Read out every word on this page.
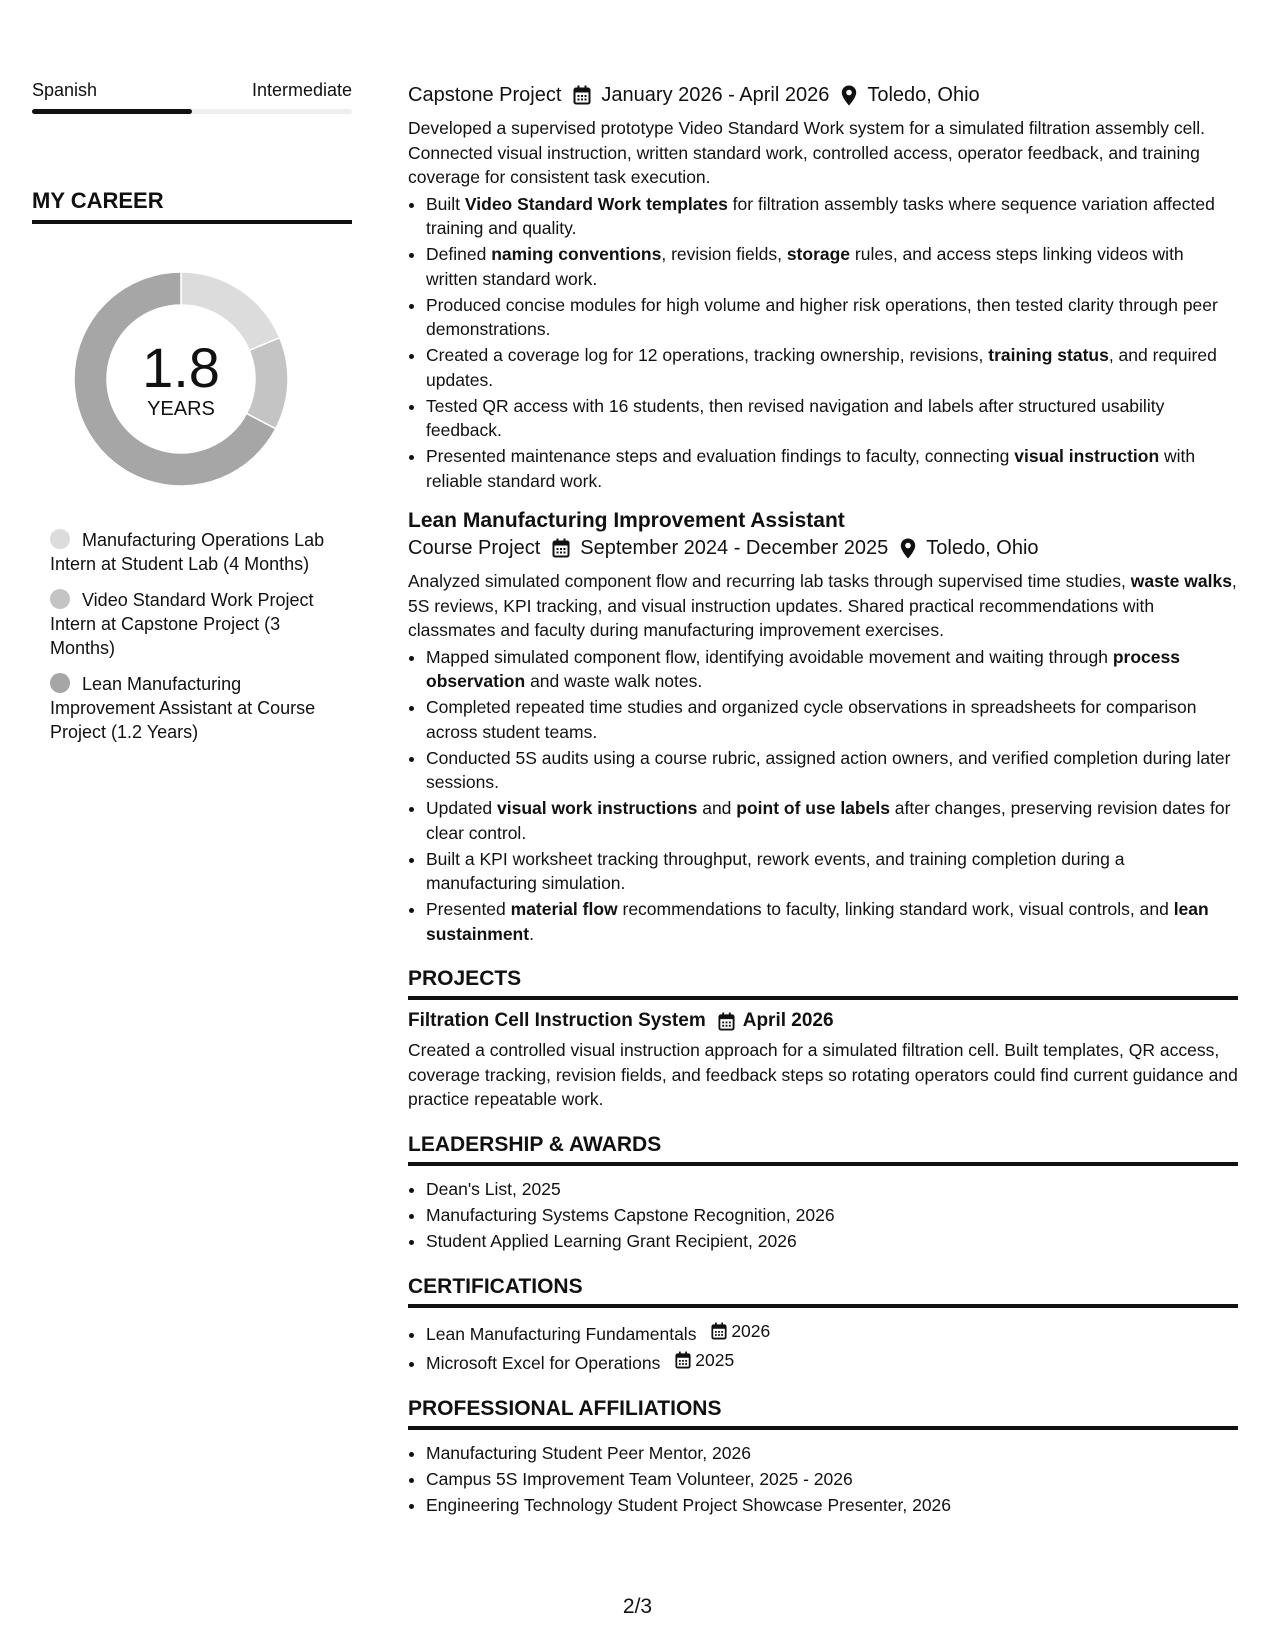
Spanish	Intermediate
MY CAREER
1.8
YEARS
Manufacturing Operations Lab Intern at Student Lab (4 Months)
Video Standard Work Project Intern at Capstone Project (3 Months)
Lean Manufacturing Improvement Assistant at Course Project (1.2 Years)
Capstone Project January 2026 - April 2026 Toledo, Ohio
Developed a supervised prototype Video Standard Work system for a simulated filtration assembly cell. Connected visual instruction, written standard work, controlled access, operator feedback, and training coverage for consistent task execution.
• Built Video Standard Work templates for filtration assembly tasks where sequence variation affected training and quality.
• Defined naming conventions, revision fields, storage rules, and access steps linking videos with written standard work.
• Produced concise modules for high volume and higher risk operations, then tested clarity through peer demonstrations.
• Created a coverage log for 12 operations, tracking ownership, revisions, training status, and required updates.
• Tested QR access with 16 students, then revised navigation and labels after structured usability feedback.
• Presented maintenance steps and evaluation findings to faculty, connecting visual instruction with reliable standard work.
Lean Manufacturing Improvement Assistant
Course Project September 2024 - December 2025 Toledo, Ohio
Analyzed simulated component flow and recurring lab tasks through supervised time studies, waste walks, 5S reviews, KPI tracking, and visual instruction updates. Shared practical recommendations with classmates and faculty during manufacturing improvement exercises.
• Mapped simulated component flow, identifying avoidable movement and waiting through process observation and waste walk notes.
• Completed repeated time studies and organized cycle observations in spreadsheets for comparison across student teams.
• Conducted 5S audits using a course rubric, assigned action owners, and verified completion during later sessions.
• Updated visual work instructions and point of use labels after changes, preserving revision dates for clear control.
• Built a KPI worksheet tracking throughput, rework events, and training completion during a manufacturing simulation.
• Presented material flow recommendations to faculty, linking standard work, visual controls, and lean sustainment.
PROJECTS
Filtration Cell Instruction System April 2026
Created a controlled visual instruction approach for a simulated filtration cell. Built templates, QR access, coverage tracking, revision fields, and feedback steps so rotating operators could find current guidance and practice repeatable work.
LEADERSHIP & AWARDS
• Dean's List, 2025
• Manufacturing Systems Capstone Recognition, 2026
• Student Applied Learning Grant Recipient, 2026
CERTIFICATIONS
• Lean Manufacturing Fundamentals 2026
• Microsoft Excel for Operations 2025
PROFESSIONAL AFFILIATIONS
• Manufacturing Student Peer Mentor, 2026
• Campus 5S Improvement Team Volunteer, 2025 - 2026
• Engineering Technology Student Project Showcase Presenter, 2026
2/3
